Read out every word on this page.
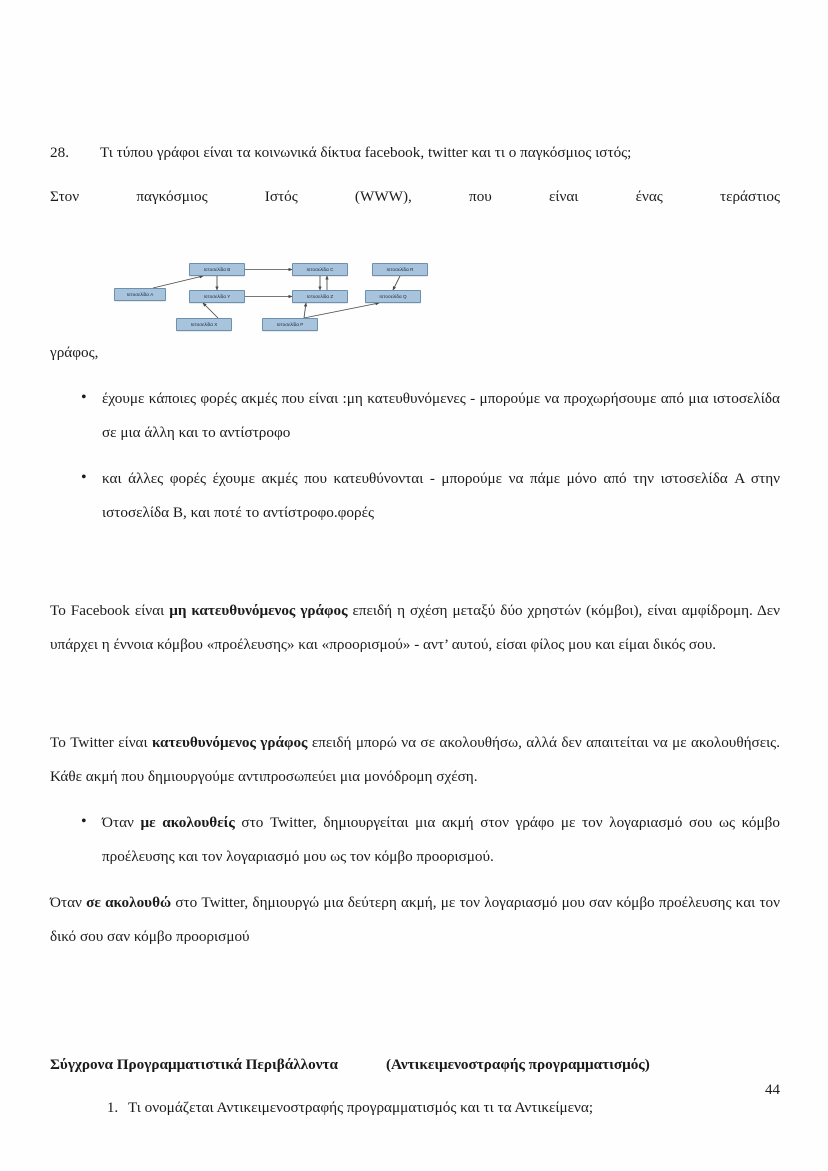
28.	Τι τύπου γράφοι είναι τα κοινωνικά δίκτυα facebook, twitter και τι ο παγκόσμιος ιστός;

Στον παγκόσμιος Ιστός (WWW), που είναι ένας τεράστιος

Ιστοσελίδα A
Ιστοσελίδα B	Ιστοσελίδα C	Ιστοσελίδα R
Ιστοσελίδα Y	Ιστοσελίδα Z	Ιστοσελίδα Q
Ιστοσελίδα X	Ιστοσελίδα P

γράφος,

• έχουμε κάποιες φορές ακμές που είναι :μη κατευθυνόμενες - μπορούμε να προχωρήσουμε από μια ιστοσελίδα σε μια άλλη και το αντίστροφο
• και άλλες φορές έχουμε ακμές που κατευθύνονται - μπορούμε να πάμε μόνο από την ιστοσελίδα A στην ιστοσελίδα B, και ποτέ το αντίστροφο.φορές

Το Facebook είναι μη κατευθυνόμενος γράφος επειδή η σχέση μεταξύ δύο χρηστών (κόμβοι), είναι αμφίδρομη. Δεν υπάρχει η έννοια κόμβου «προέλευσης» και «προορισμού» - αντ’ αυτού, είσαι φίλος μου και είμαι δικός σου.

Το Twitter είναι κατευθυνόμενος γράφος επειδή μπορώ να σε ακολουθήσω, αλλά δεν απαιτείται να με ακολουθήσεις. Κάθε ακμή που δημιουργούμε αντιπροσωπεύει μια μονόδρομη σχέση.

• Όταν με ακολουθείς στο Twitter, δημιουργείται μια ακμή στον γράφο με τον λογαριασμό σου ως κόμβο προέλευσης και τον λογαριασμό μου ως τον κόμβο προορισμού.

Όταν σε ακολουθώ στο Twitter, δημιουργώ μια δεύτερη ακμή, με τον λογαριασμό μου σαν κόμβο προέλευσης και τον δικό σου σαν κόμβο προορισμού

Σύγχρονα Προγραμματιστικά Περιβάλλοντα	(Αντικειμενοστραφής προγραμματισμός)
1. Τι ονομάζεται Αντικειμενοστραφής προγραμματισμός και τι τα Αντικείμενα;
44
